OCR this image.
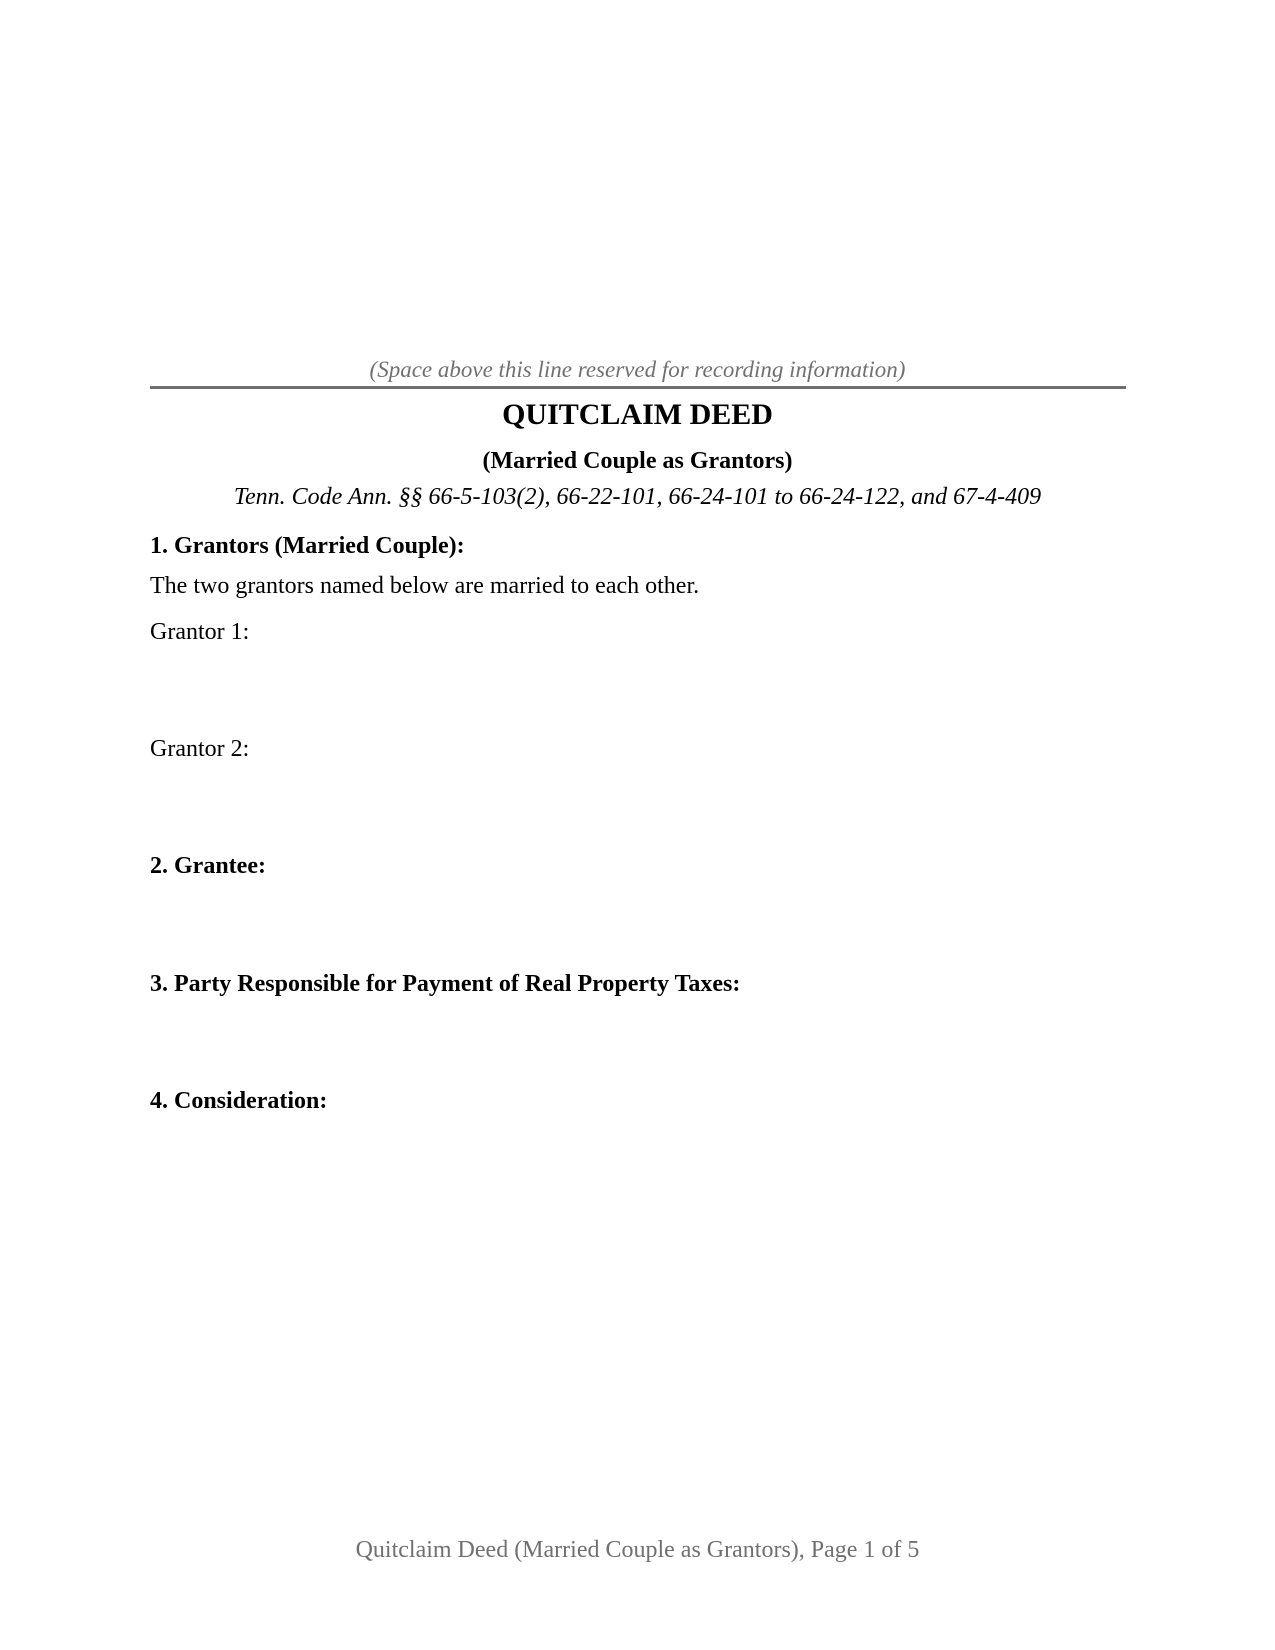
(Space above this line reserved for recording information)
QUITCLAIM DEED
(Married Couple as Grantors)
Tenn. Code Ann. §§ 66-5-103(2), 66-22-101, 66-24-101 to 66-24-122, and 67-4-409
1. Grantors (Married Couple):
The two grantors named below are married to each other.
Grantor 1:
Grantor 2:
2. Grantee:
3. Party Responsible for Payment of Real Property Taxes:
4. Consideration:
Quitclaim Deed (Married Couple as Grantors), Page 1 of 5
